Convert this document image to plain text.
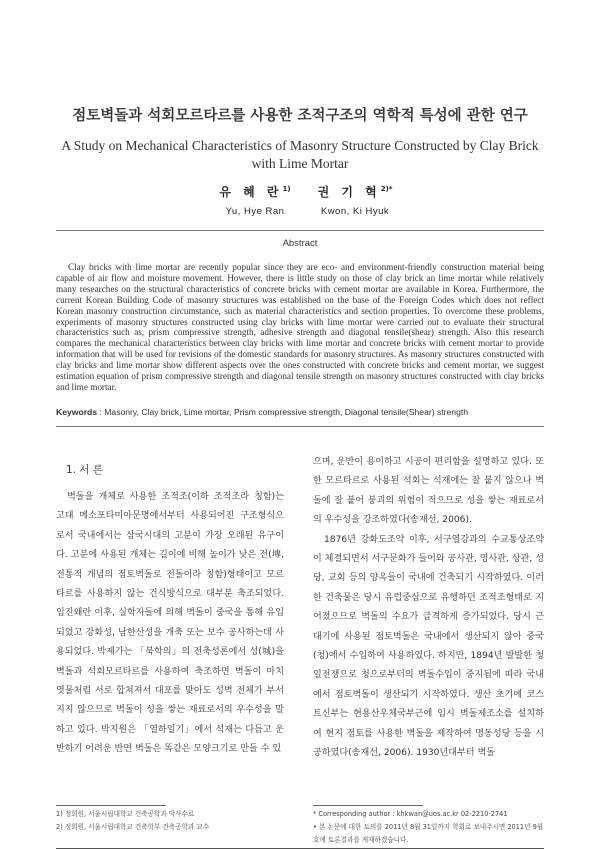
점토벽돌과 석회모르타르를 사용한 조적구조의 역학적 특성에 관한 연구
A Study on Mechanical Characteristics of Masonry Structure Constructed by Clay Brick with Lime Mortar
유 혜 란$^{1)}$
Yu, Hye Ran
권 기 혁$^{2)*}$
Kwon, Ki Hyuk
Abstract
Clay bricks with lime mortar are recently popular since they are eco- and environment-friendly construction material being capable of air flow and moisture movement. However, there is little study on those of clay brick an lime mortar while relatively many researches on the structural characteristics of concrete bricks with cement mortar are available in Korea. Furthermore, the current Korean Building Code of masonry structures was established on the base of the Foreign Codes which does not reflect Korean masonry construction circumstance, such as material characteristics and section properties. To overcome these problems, experiments of masonry structures constructed using clay bricks with lime mortar were carried out to evaluate their structural characteristics such as, prism compressive strength, adhesive strength and diagonal tensile(shear) strength. Also this research compares the mechanical characteristics between clay bricks with lime mortar and concrete bricks with cement mortar to provide information that will be used for revisions of the domestic standards for masonry structures. As masonry structures constructed with clay bricks and lime mortar show different aspects over the ones constructed with concrete bricks and cement mortar, we suggest estimation equation of prism compressive strength and diagonal tensile strength on masonry structures constructed with clay bricks and lime mortar.
Keywords : Masonry, Clay brick, Lime mortar, Prism compressive strength, Diagonal tensile(Shear) strength
1. 서 론

벽돌을 개체로 사용한 조적조(이하 조적조라 칭함)는 고대 메소포타미아문명에서부터 사용되어진 구조형식으로서 국내에서는 삼국시대의 고분이 가장 오래된 유구이다. 고분에 사용된 개체는 길이에 비해 높이가 낮은 전(塼, 전통적 개념의 점토벽돌로 전돌이라 칭함)형태이고 모르타르를 사용하지 않는 건식방식으로 대부분 축조되었다. 임진왜란 이후, 실학자들에 의해 벽돌이 중국을 통해 유입되었고 강화성, 남한산성을 개축 또는 보수 공사하는데 사용되었다. 박제가는 「북학의」의 전축성론에서 성(城)을 벽돌과 석회모르타르를 사용하여 축조하면 벽돌이 마치 엿물처럼 서로 합쳐져서 대포를 맞아도 성벽 전체가 부서지지 않으므로 벽돌이 성을 쌓는 재료로서의 우수성을 말하고 있다. 박지원은 「열하일기」에서 석재는 다듬고 운반하기 어려운 반면 벽돌은 똑같은 모양크기로 만들 수 있

으며, 운반이 용이하고 시공이 편리함을 설명하고 있다. 또한 모르타르로 사용된 석회는 석재에는 잘 붙지 않으나 벽돌에 잘 붙어 붕괴의 위험이 적으므로 성을 쌓는 재료로서의 우수성을 강조하였다(송재선, 2006).

1876년 강화도조약 이후, 서구열강과의 수교통상조약이 체결되면서 서구문화가 들어와 공사관, 영사관, 상관, 성당, 교회 등의 양옥들이 국내에 건축되기 시작하였다. 이러한 건축물은 당시 유럽중심으로 유행하던 조적조형태로 지어졌으므로 벽돌의 수요가 급격하게 증가되었다. 당시 근대기에 사용된 점토벽돌은 국내에서 생산되지 않아 중국(청)에서 수입하여 사용하였다. 하지만, 1894년 발발한 청일전쟁으로 청으로부터의 벽돌수입이 중지됨에 따라 국내에서 점토벽돌이 생산되기 시작하였다. 생산 초기에 코스트신부는 현용산우체국부근에 임시 벽돌제조소를 설치하여 현지 점토를 사용한 벽돌을 제작하여 명동성당 등을 시공하였다(송재선, 2006). 1930년대부터 벽돌

1) 정회원, 서울시립대학교 건축공학과 박사수료
2) 정회원, 서울시립대학교 건축학부 건축공학과 교수
* Corresponding author : khkwan@uos.ac.kr 02-2210-2741
• 본 논문에 대한 토의를 2011년 8월 31일까지 학회로 보내주시면 2011년 9월 호에 토론결과를 게재하겠습니다.
